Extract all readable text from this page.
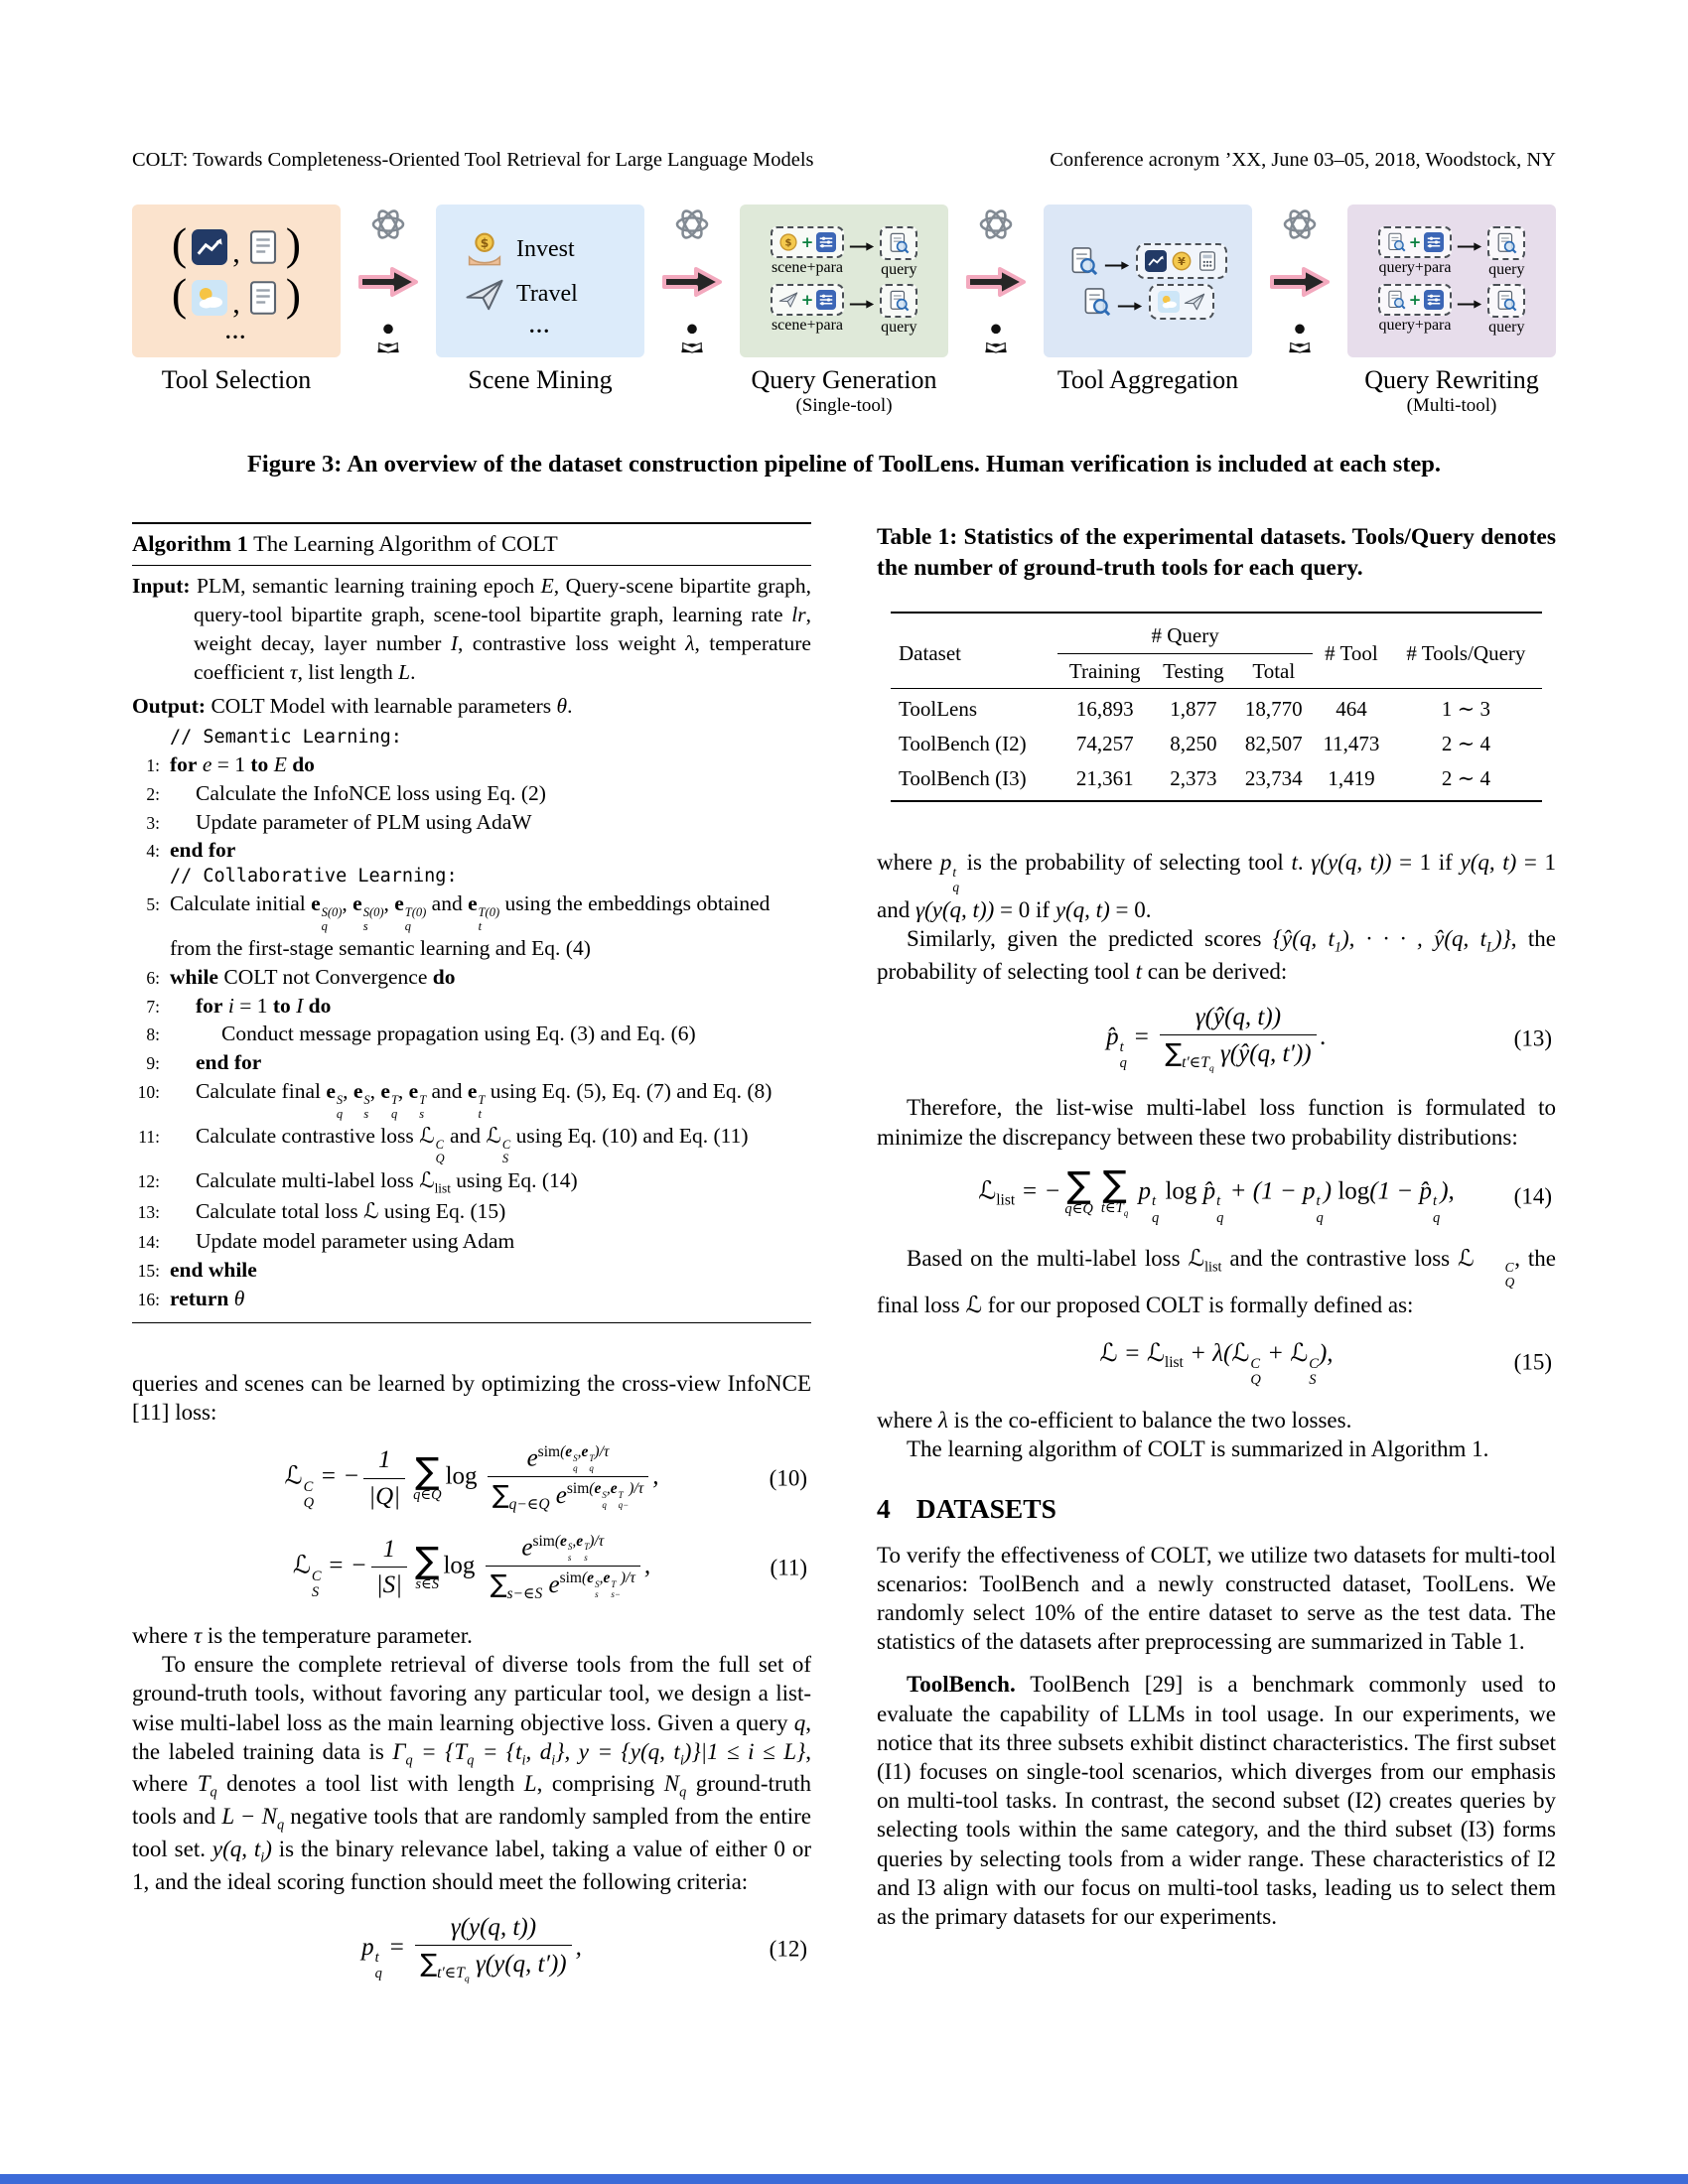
COLT: Towards Completeness-Oriented Tool Retrieval for Large Language Models	Conference acronym ’XX, June 03–05, 2018, Woodstock, NY
( , )
( , )
...
Tool Selection
Invest
Travel
...
Scene Mining
+
scene+para query
+
scene+para query
Query Generation
(Single-tool)
Tool Aggregation
+
query+para query
+
query+para query
Query Rewriting
(Multi-tool)
Figure 3: An overview of the dataset construction pipeline of ToolLens. Human verification is included at each step.
Algorithm 1 The Learning Algorithm of COLT
Input: PLM, semantic learning training epoch E, Query-scene bipartite graph, query-tool bipartite graph, scene-tool bipartite graph, learning rate lr, weight decay, layer number I, contrastive loss weight λ, temperature coefficient τ, list length L.
Output: COLT Model with learnable parameters θ.
// Semantic Learning:
1: for e = 1 to E do
2:	Calculate the InfoNCE loss using Eq. (2)
3:	Update parameter of PLM using AdaW
4: end for
// Collaborative Learning:
5: Calculate initial e S(0)
q
, e S(0)
s
, e T(0)
q
and e T(0)
t
using the embeddings obtained from the first-stage semantic learning and Eq. (4)
6: while COLT not Convergence do
7:	for i = 1 to I do
8:	Conduct message propagation using Eq. (3) and Eq. (6)
9:	end for
10:	Calculate final e S
q
, e S
s
, e T
q
, e T
s
and e T
t
using Eq. (5), Eq. (7) and Eq. (8)
11:	Calculate contrastive loss ℒ C
Q
and ℒ C
S
using Eq. (10) and Eq. (11)
12:	Calculate multi-label loss ℒ$_{list}$ using Eq. (14)
13:	Calculate total loss ℒ using Eq. (15)
14:	Update model parameter using Adam
15: end while
16: return θ

queries and scenes can be learned by optimizing the cross-view InfoNCE [11] loss:

ℒ C
Q
= − $\frac{1}{|Q|}$ ∑
q∈Q
$\log e^{sim(e S q ,e T q )/\tau}$
$\sum_{q-\in Q}$ $e^{sim(e S q ,e T q- )/\tau}$ ,	(10)
ℒ C
S
= − $\frac{1}{|S|}$ ∑
s∈S
$\log e^{sim(e S s ,e T s )/\tau}$
$\sum_{s-\in S}$ $e^{sim(e S s ,e T s- )/\tau}$ ,	(11)

where τ is the temperature parameter.

To ensure the complete retrieval of diverse tools from the full set of ground-truth tools, without favoring any particular tool, we design a list-wise multi-label loss as the main learning objective loss. Given a query q, the labeled training data is $\Gamma_q = \{T_q = \{t_i$, $d_i$}, y = {y(q, $t_i)\}|1 \le i \le L$}, where $T_q$ denotes a tool list with length L, comprising $N_q$ ground-truth tools and $L - N_q$ negative tools that are randomly sampled from the entire tool set. y(q, $t_i$) is the binary relevance label, taking a value of either 0 or 1, and the ideal scoring function should meet the following criteria:

p t
q
= $\frac{\gamma(y(q, t))}{\sum_{t'\in T_q} \gamma(y(q, t'))}$ ,	(12)
Table 1: Statistics of the experimental datasets. Tools/Query denotes the number of ground-truth tools for each query.
Dataset	# Query			# Tool	# Tools/Query
	Training	Testing	Total		
ToolLens	16,893	1,877	18,770	464	1 ∼ 3
ToolBench (I2)	74,257	8,250	82,507	11,473	2 ∼ 4
ToolBench (I3)	21,361	2,373	23,734	1,419	2 ∼ 4

where p t
q
is the probability of selecting tool t. γ(y(q, t)) = 1 if y(q, t) = 1 and γ(y(q, t)) = 0 if y(q, t) = 0.

Similarly, given the predicted scores {ŷ(q, $t_1$), · · · , ŷ(q, $t_L$)}, the probability of selecting tool t can be derived:

p̂ t
q
= $\frac{\gamma(ŷ(q, t))}{\sum_{t'\in T_q} \gamma(ŷ(q, t'))}$ .	(13)

Therefore, the list-wise multi-label loss function is formulated to minimize the discrepancy between these two probability distributions:

ℒ$_{list}$ = − ∑
q∈Q
∑
$t\in T_q$
p t
q
log p̂ t
q
+ (1 − p t
q
) log(1 − p̂ t
q
),	(14)

Based on the multi-label loss ℒ$_{list}$ and the contrastive loss ℒ	C
Q
, the final loss ℒ for our proposed COLT is formally defined as:

ℒ = ℒ$_{list}$ + λ(ℒ C
Q
+ ℒ C
S
),	(15)

where λ is the co-efficient to balance the two losses.

The learning algorithm of COLT is summarized in Algorithm 1.

4 DATASETS

To verify the effectiveness of COLT, we utilize two datasets for multi-tool scenarios: ToolBench and a newly constructed dataset, ToolLens. We randomly select 10% of the entire dataset to serve as the test data. The statistics of the datasets after preprocessing are summarized in Table 1.

ToolBench. ToolBench [29] is a benchmark commonly used to evaluate the capability of LLMs in tool usage. In our experiments, we notice that its three subsets exhibit distinct characteristics. The first subset (I1) focuses on single-tool scenarios, which diverges from our emphasis on multi-tool tasks. In contrast, the second subset (I2) creates queries by selecting tools within the same category, and the third subset (I3) forms queries by selecting tools from a wider range. These characteristics of I2 and I3 align with our focus on multi-tool tasks, leading us to select them as the primary datasets for our experiments.
